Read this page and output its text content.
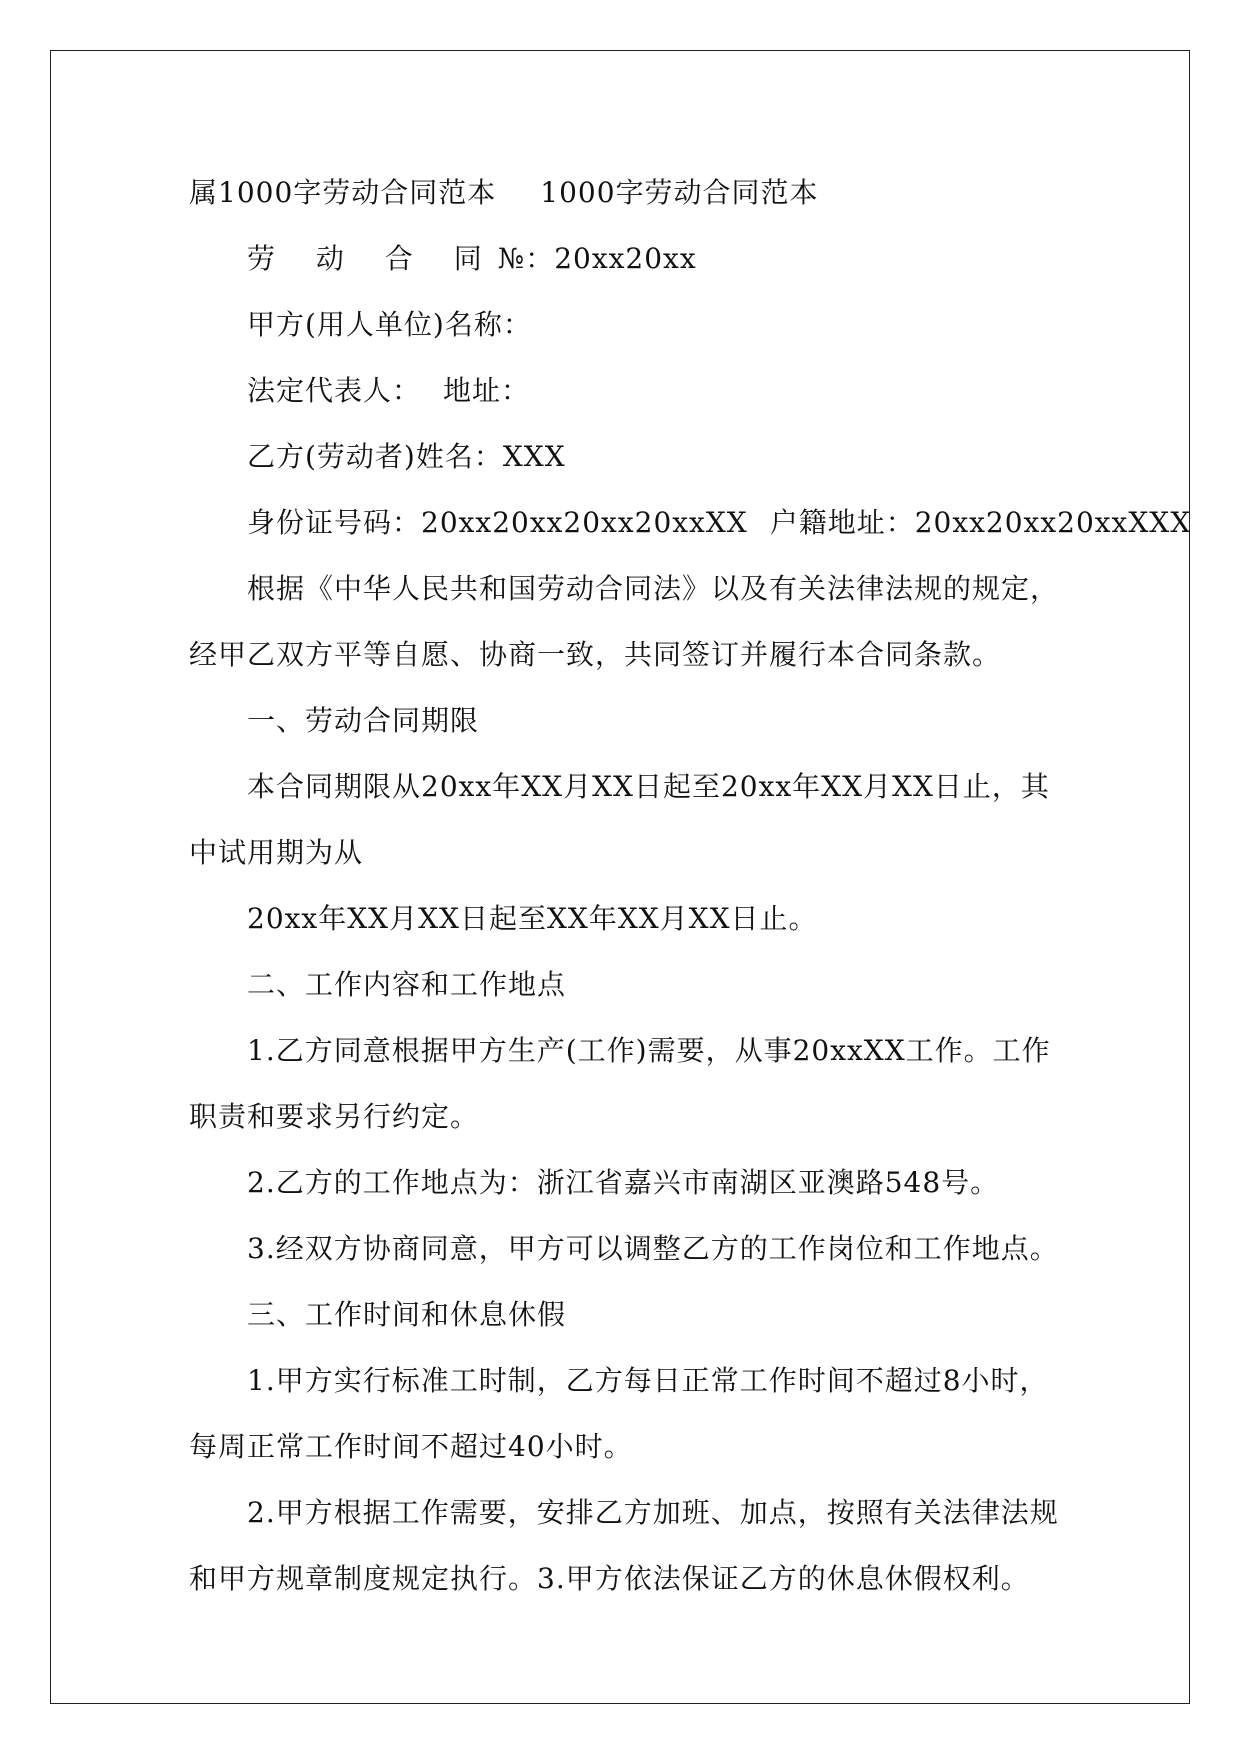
属1000字劳动合同范本 1000字劳动合同范本
劳 动 合 同№：20xx20xx
甲方(用人单位)名称：
法定代表人： 地址：
乙方(劳动者)姓名：XXX
身份证号码：20xx20xx20xx20xxXX 户籍地址：20xx20xx20xxXXX
根据《中华人民共和国劳动合同法》以及有关法律法规的规定，
经甲乙双方平等自愿、协商一致，共同签订并履行本合同条款。
一、劳动合同期限
本合同期限从20xx年XX月XX日起至20xx年XX月XX日止，其
中试用期为从
20xx年XX月XX日起至XX年XX月XX日止。
二、工作内容和工作地点
1.乙方同意根据甲方生产(工作)需要，从事20xxXX工作。工作
职责和要求另行约定。
2.乙方的工作地点为：浙江省嘉兴市南湖区亚澳路548号。
3.经双方协商同意，甲方可以调整乙方的工作岗位和工作地点。
三、工作时间和休息休假
1.甲方实行标准工时制，乙方每日正常工作时间不超过8小时，
每周正常工作时间不超过40小时。
2.甲方根据工作需要，安排乙方加班、加点，按照有关法律法规
和甲方规章制度规定执行。3.甲方依法保证乙方的休息休假权利。
